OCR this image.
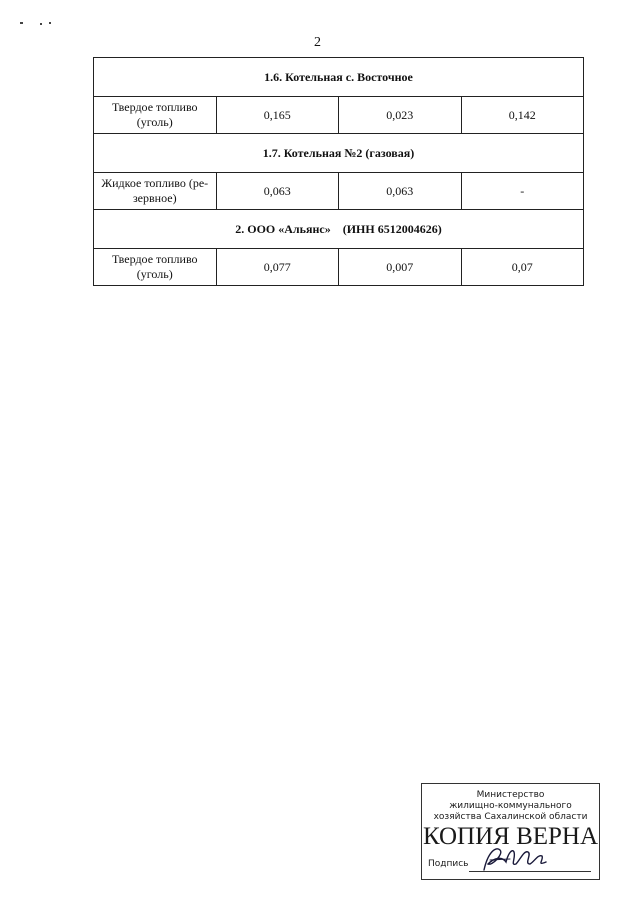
2
1.6. Котельная с. Восточное			
Твердое топливо (уголь)	0,165	0,023	0,142
1.7. Котельная №2 (газовая)			
Жидкое топливо (ре-зервное)	0,063	0,063	-
2. ООО «Альянс»    (ИНН 6512004626)			
Твердое топливо (уголь)	0,077	0,007	0,07
Министерство
жилищно-коммунального
хозяйства Сахалинской области
КОПИЯ ВЕРНА
Подпись
